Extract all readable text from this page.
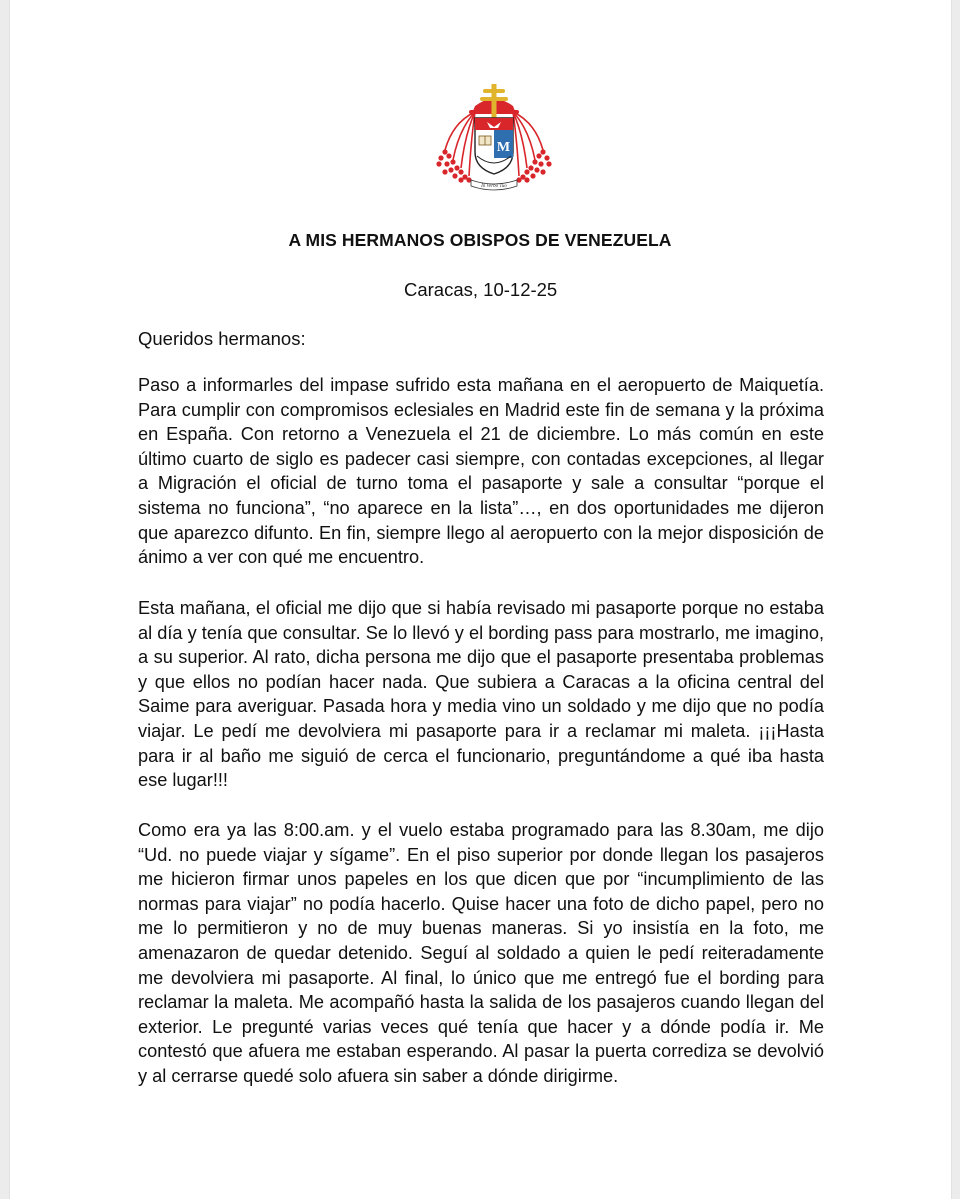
M
In Verbo Tuo
A MIS HERMANOS OBISPOS DE VENEZUELA
Caracas, 10-12-25
Queridos hermanos:

Paso a informarles del impase sufrido esta mañana en el aeropuerto de Maiquetía. Para cumplir con compromisos eclesiales en Madrid este fin de semana y la próxima en España. Con retorno a Venezuela el 21 de diciembre. Lo más común en este último cuarto de siglo es padecer casi siempre, con contadas excepciones, al llegar a Migración el oficial de turno toma el pasaporte y sale a consultar “porque el sistema no funciona”, “no aparece en la lista”…, en dos oportunidades me dijeron que aparezco difunto. En fin, siempre llego al aeropuerto con la mejor disposición de ánimo a ver con qué me encuentro.

Esta mañana, el oficial me dijo que si había revisado mi pasaporte porque no estaba al día y tenía que consultar. Se lo llevó y el bording pass para mostrarlo, me imagino, a su superior. Al rato, dicha persona me dijo que el pasaporte presentaba problemas y que ellos no podían hacer nada. Que subiera a Caracas a la oficina central del Saime para averiguar. Pasada hora y media vino un soldado y me dijo que no podía viajar. Le pedí me devolviera mi pasaporte para ir a reclamar mi maleta. ¡¡¡Hasta para ir al baño me siguió de cerca el funcionario, preguntándome a qué iba hasta ese lugar!!!

Como era ya las 8:00.am. y el vuelo estaba programado para las 8.30am, me dijo “Ud. no puede viajar y sígame”. En el piso superior por donde llegan los pasajeros me hicieron firmar unos papeles en los que dicen que por “incumplimiento de las normas para viajar” no podía hacerlo. Quise hacer una foto de dicho papel, pero no me lo permitieron y no de muy buenas maneras. Si yo insistía en la foto, me amenazaron de quedar detenido. Seguí al soldado a quien le pedí reiteradamente me devolviera mi pasaporte. Al final, lo único que me entregó fue el bording para reclamar la maleta. Me acompañó hasta la salida de los pasajeros cuando llegan del exterior. Le pregunté varias veces qué tenía que hacer y a dónde podía ir. Me contestó que afuera me estaban esperando. Al pasar la puerta corrediza se devolvió y al cerrarse quedé solo afuera sin saber a dónde dirigirme.
